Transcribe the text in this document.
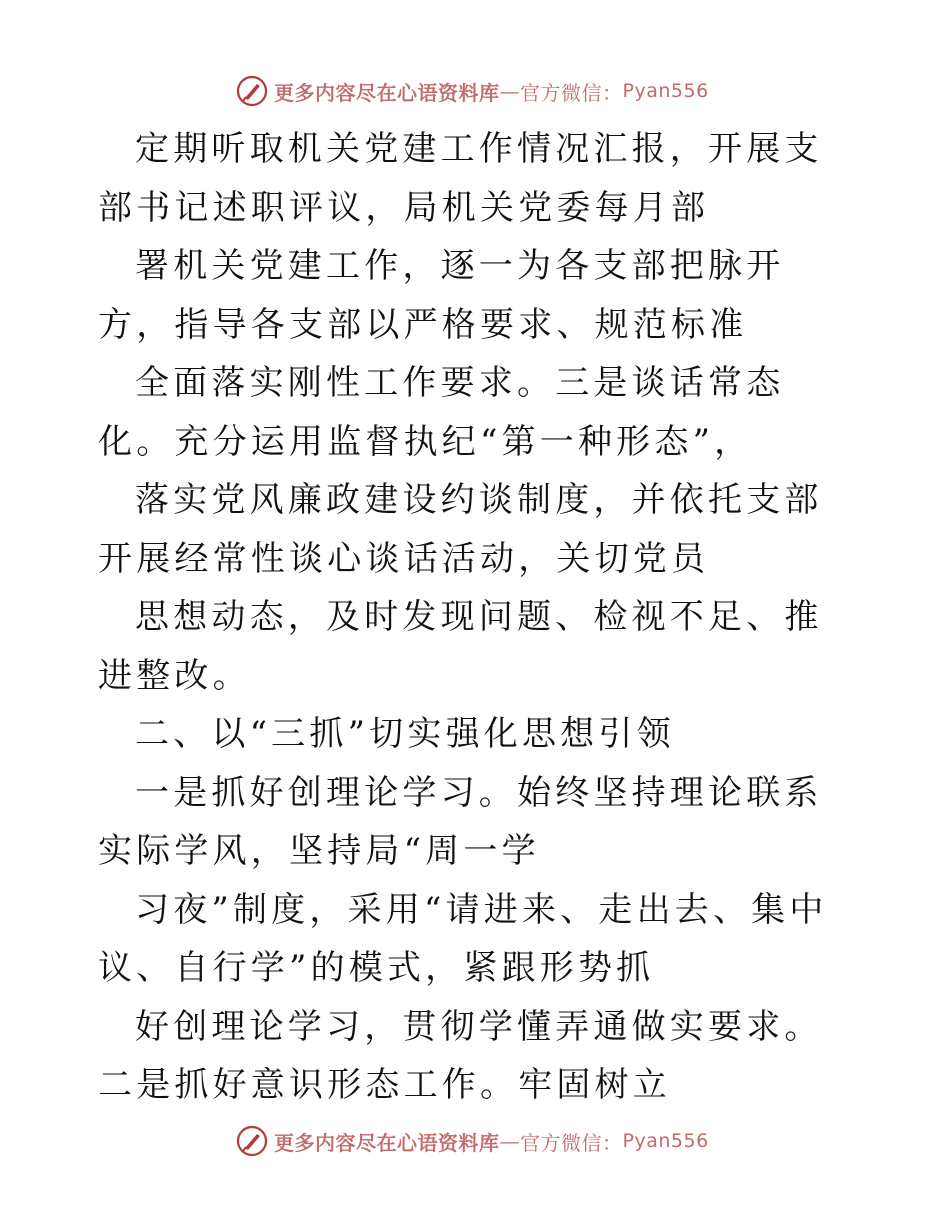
更多内容尽在心语资料库 — 官方微信： Pyan556

定期听取机关党建工作情况汇报，开展支部书记述职评议，局机关党委每月部

署机关党建工作，逐一为各支部把脉开方，指导各支部以严格要求、规范标准

全面落实刚性工作要求。三是谈话常态化。充分运用监督执纪“第一种形态”，

落实党风廉政建设约谈制度，并依托支部开展经常性谈心谈话活动，关切党员

思想动态，及时发现问题、检视不足、推进整改。

二、以“三抓”切实强化思想引领

一是抓好创理论学习。始终坚持理论联系实际学风，坚持局“周一学

习夜”制度，采用“请进来、走出去、集中议、自行学”的模式，紧跟形势抓

好创理论学习，贯彻学懂弄通做实要求。二是抓好意识形态工作。牢固树立

更多内容尽在心语资料库 — 官方微信： Pyan556
